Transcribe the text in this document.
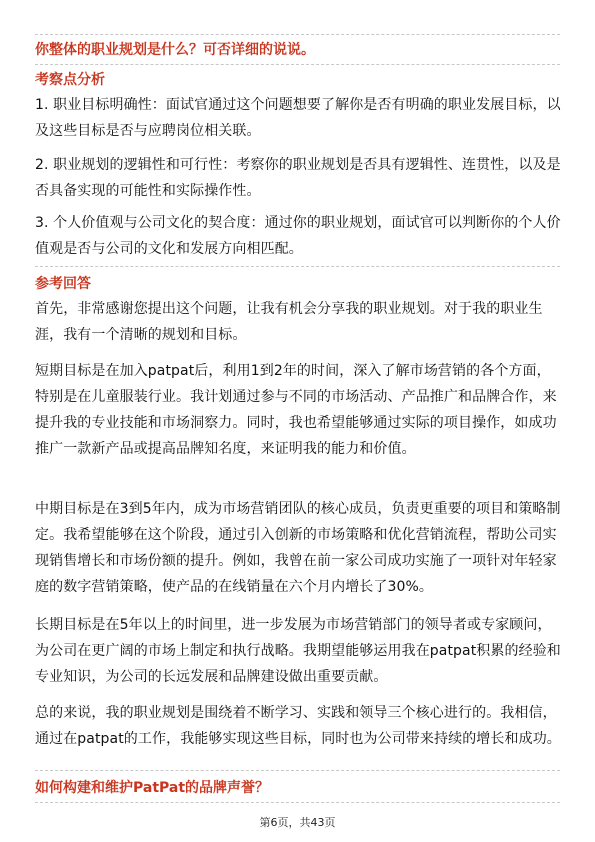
你整体的职业规划是什么？可否详细的说说。
考察点分析
1. 职业目标明确性：面试官通过这个问题想要了解你是否有明确的职业发展目标，以及这些目标是否与应聘岗位相关联。
2. 职业规划的逻辑性和可行性：考察你的职业规划是否具有逻辑性、连贯性，以及是否具备实现的可能性和实际操作性。
3. 个人价值观与公司文化的契合度：通过你的职业规划，面试官可以判断你的个人价值观是否与公司的文化和发展方向相匹配。
参考回答
首先，非常感谢您提出这个问题，让我有机会分享我的职业规划。对于我的职业生涯，我有一个清晰的规划和目标。
短期目标是在加入patpat后，利用1到2年的时间，深入了解市场营销的各个方面，特别是在儿童服装行业。我计划通过参与不同的市场活动、产品推广和品牌合作，来提升我的专业技能和市场洞察力。同时，我也希望能够通过实际的项目操作，如成功推广一款新产品或提高品牌知名度，来证明我的能力和价值。
中期目标是在3到5年内，成为市场营销团队的核心成员，负责更重要的项目和策略制定。我希望能够在这个阶段，通过引入创新的市场策略和优化营销流程，帮助公司实现销售增长和市场份额的提升。例如，我曾在前一家公司成功实施了一项针对年轻家庭的数字营销策略，使产品的在线销量在六个月内增长了30%。
长期目标是在5年以上的时间里，进一步发展为市场营销部门的领导者或专家顾问，为公司在更广阔的市场上制定和执行战略。我期望能够运用我在patpat积累的经验和专业知识，为公司的长远发展和品牌建设做出重要贡献。
总的来说，我的职业规划是围绕着不断学习、实践和领导三个核心进行的。我相信，通过在patpat的工作，我能够实现这些目标，同时也为公司带来持续的增长和成功。
如何构建和维护PatPat的品牌声誉？
第6页，共43页
